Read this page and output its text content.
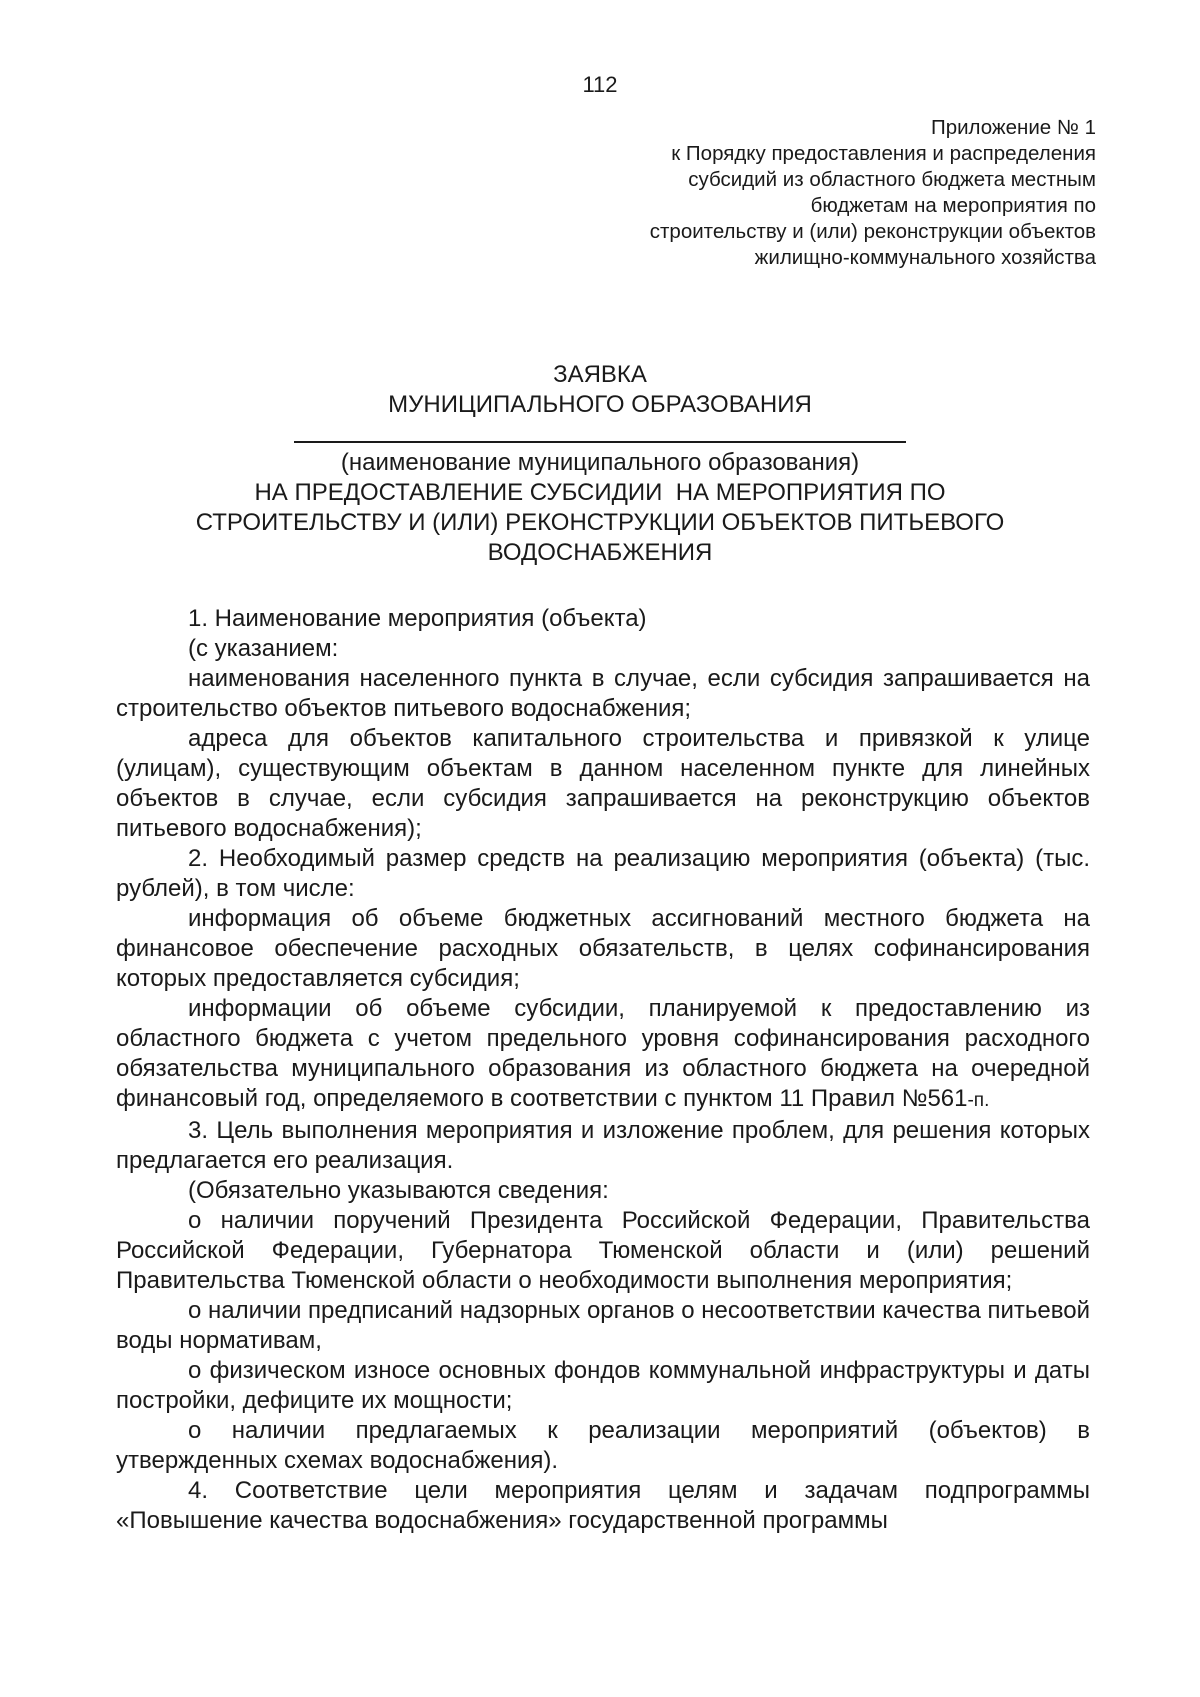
112
Приложение № 1
к Порядку предоставления и распределения
субсидий из областного бюджета местным
бюджетам на мероприятия по
строительству и (или) реконструкции объектов
жилищно-коммунального хозяйства
ЗАЯВКА
МУНИЦИПАЛЬНОГО ОБРАЗОВАНИЯ
(наименование муниципального образования)
НА ПРЕДОСТАВЛЕНИЕ СУБСИДИИ  НА МЕРОПРИЯТИЯ ПО
СТРОИТЕЛЬСТВУ И (ИЛИ) РЕКОНСТРУКЦИИ ОБЪЕКТОВ ПИТЬЕВОГО
ВОДОСНАБЖЕНИЯ

1. Наименование мероприятия (объекта)

(с указанием:

наименования населенного пункта в случае, если субсидия запрашивается на строительство объектов питьевого водоснабжения;

адреса для объектов капитального строительства и привязкой к улице (улицам), существующим объектам в данном населенном пункте для линейных объектов в случае, если субсидия запрашивается на реконструкцию объектов питьевого водоснабжения);

2. Необходимый размер средств на реализацию мероприятия (объекта) (тыс. рублей), в том числе:

информация об объеме бюджетных ассигнований местного бюджета на финансовое обеспечение расходных обязательств, в целях софинансирования которых предоставляется субсидия;

информации об объеме субсидии, планируемой к предоставлению из областного бюджета с учетом предельного уровня софинансирования расходного обязательства муниципального образования из областного бюджета на очередной финансовый год, определяемого в соответствии с пунктом 11 Правил №561-п.

3. Цель выполнения мероприятия и изложение проблем, для решения которых предлагается его реализация.

(Обязательно указываются сведения:

о наличии поручений Президента Российской Федерации, Правительства Российской Федерации, Губернатора Тюменской области и (или) решений Правительства Тюменской области о необходимости выполнения мероприятия;

о наличии предписаний надзорных органов о несоответствии качества питьевой воды нормативам,

о физическом износе основных фондов коммунальной инфраструктуры и даты постройки, дефиците их мощности;

о наличии предлагаемых к реализации мероприятий (объектов) в утвержденных схемах водоснабжения).

4. Соответствие цели мероприятия целям и задачам подпрограммы «Повышение качества водоснабжения» государственной программы
